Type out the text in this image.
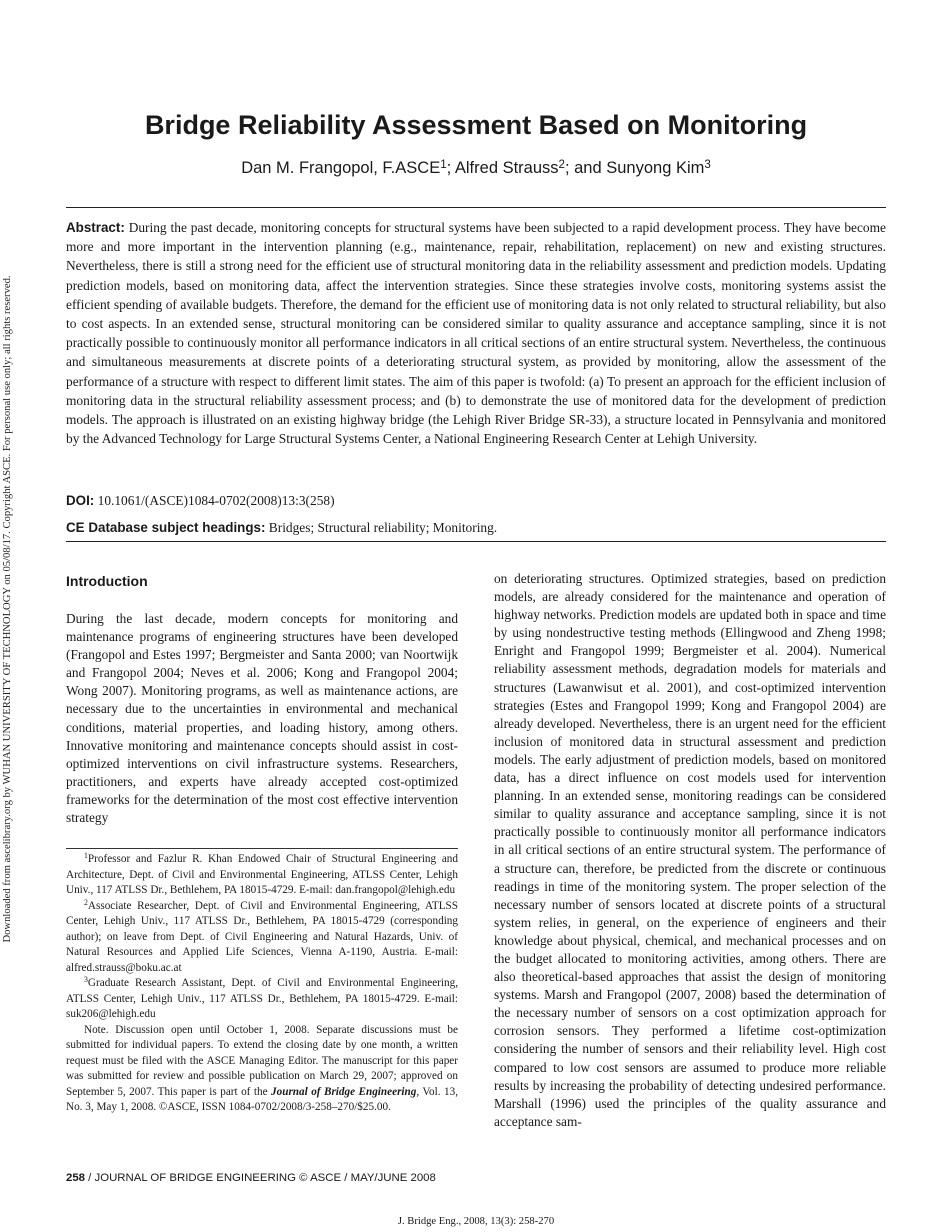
Downloaded from ascelibrary.org by WUHAN UNIVERSITY OF TECHNOLOGY on 05/08/17. Copyright ASCE. For personal use only; all rights reserved.
Bridge Reliability Assessment Based on Monitoring
Dan M. Frangopol, F.ASCE$^1$; Alfred Strauss$^2$; and Sunyong Kim$^3$

Abstract: During the past decade, monitoring concepts for structural systems have been subjected to a rapid development process. They have become more and more important in the intervention planning (e.g., maintenance, repair, rehabilitation, replacement) on new and existing structures. Nevertheless, there is still a strong need for the efficient use of structural monitoring data in the reliability assessment and prediction models. Updating prediction models, based on monitoring data, affect the intervention strategies. Since these strategies involve costs, monitoring systems assist the efficient spending of available budgets. Therefore, the demand for the efficient use of monitoring data is not only related to structural reliability, but also to cost aspects. In an extended sense, structural monitoring can be considered similar to quality assurance and acceptance sampling, since it is not practically possible to continuously monitor all performance indicators in all critical sections of an entire structural system. Nevertheless, the continuous and simultaneous measurements at discrete points of a deteriorating structural system, as provided by monitoring, allow the assessment of the performance of a structure with respect to different limit states. The aim of this paper is twofold: (a) To present an approach for the efficient inclusion of monitoring data in the structural reliability assessment process; and (b) to demonstrate the use of monitored data for the development of prediction models. The approach is illustrated on an existing highway bridge (the Lehigh River Bridge SR-33), a structure located in Pennsylvania and monitored by the Advanced Technology for Large Structural Systems Center, a National Engineering Research Center at Lehigh University.

DOI: 10.1061/(ASCE)1084-0702(2008)13:3(258)

CE Database subject headings: Bridges; Structural reliability; Monitoring.

Introduction

During the last decade, modern concepts for monitoring and maintenance programs of engineering structures have been developed (Frangopol and Estes 1997; Bergmeister and Santa 2000; van Noortwijk and Frangopol 2004; Neves et al. 2006; Kong and Frangopol 2004; Wong 2007). Monitoring programs, as well as maintenance actions, are necessary due to the uncertainties in environmental and mechanical conditions, material properties, and loading history, among others. Innovative monitoring and maintenance concepts should assist in cost-optimized interventions on civil infrastructure systems. Researchers, practitioners, and experts have already accepted cost-optimized frameworks for the determination of the most cost effective intervention strategy

$^1$Professor and Fazlur R. Khan Endowed Chair of Structural Engineering and Architecture, Dept. of Civil and Environmental Engineering, ATLSS Center, Lehigh Univ., 117 ATLSS Dr., Bethlehem, PA 18015-4729. E-mail: dan.frangopol@lehigh.edu

$^2$Associate Researcher, Dept. of Civil and Environmental Engineering, ATLSS Center, Lehigh Univ., 117 ATLSS Dr., Bethlehem, PA 18015-4729 (corresponding author); on leave from Dept. of Civil Engineering and Natural Hazards, Univ. of Natural Resources and Applied Life Sciences, Vienna A-1190, Austria. E-mail: alfred.strauss@boku.ac.at

$^3$Graduate Research Assistant, Dept. of Civil and Environmental Engineering, ATLSS Center, Lehigh Univ., 117 ATLSS Dr., Bethlehem, PA 18015-4729. E-mail: suk206@lehigh.edu

Note. Discussion open until October 1, 2008. Separate discussions must be submitted for individual papers. To extend the closing date by one month, a written request must be filed with the ASCE Managing Editor. The manuscript for this paper was submitted for review and possible publication on March 29, 2007; approved on September 5, 2007. This paper is part of the Journal of Bridge Engineering, Vol. 13, No. 3, May 1, 2008. ©ASCE, ISSN 1084-0702/2008/3-258–270/$25.00.

on deteriorating structures. Optimized strategies, based on prediction models, are already considered for the maintenance and operation of highway networks. Prediction models are updated both in space and time by using nondestructive testing methods (Ellingwood and Zheng 1998; Enright and Frangopol 1999; Bergmeister et al. 2004). Numerical reliability assessment methods, degradation models for materials and structures (Lawanwisut et al. 2001), and cost-optimized intervention strategies (Estes and Frangopol 1999; Kong and Frangopol 2004) are already developed. Nevertheless, there is an urgent need for the efficient inclusion of monitored data in structural assessment and prediction models. The early adjustment of prediction models, based on monitored data, has a direct influence on cost models used for intervention planning. In an extended sense, monitoring readings can be considered similar to quality assurance and acceptance sampling, since it is not practically possible to continuously monitor all performance indicators in all critical sections of an entire structural system. The performance of a structure can, therefore, be predicted from the discrete or continuous readings in time of the monitoring system. The proper selection of the necessary number of sensors located at discrete points of a structural system relies, in general, on the experience of engineers and their knowledge about physical, chemical, and mechanical processes and on the budget allocated to monitoring activities, among others. There are also theoretical-based approaches that assist the design of monitoring systems. Marsh and Frangopol (2007, 2008) based the determination of the necessary number of sensors on a cost optimization approach for corrosion sensors. They performed a lifetime cost-optimization considering the number of sensors and their reliability level. High cost compared to low cost sensors are assumed to produce more reliable results by increasing the probability of detecting undesired performance. Marshall (1996) used the principles of the quality assurance and acceptance sam-

258 / JOURNAL OF BRIDGE ENGINEERING © ASCE / MAY/JUNE 2008
J. Bridge Eng., 2008, 13(3): 258-270
